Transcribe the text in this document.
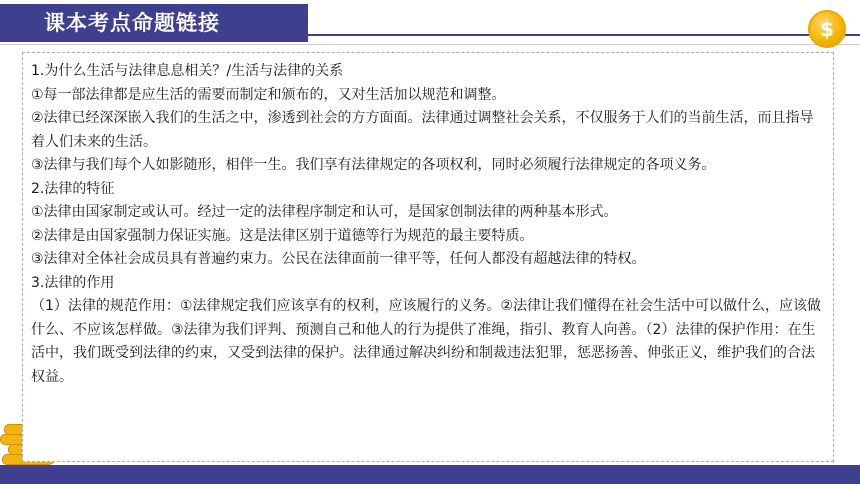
课本考点命题链接	$

1.为什么生活与法律息息相关？/生活与法律的关系

①每一部法律都是应生活的需要而制定和颁布的，又对生活加以规范和调整。

②法律已经深深嵌入我们的生活之中，渗透到社会的方方面面。法律通过调整社会关系，不仅服务于人们的当前生活，而且指导着人们未来的生活。

③法律与我们每个人如影随形，相伴一生。我们享有法律规定的各项权利，同时必须履行法律规定的各项义务。

2.法律的特征

①法律由国家制定或认可。经过一定的法律程序制定和认可，是国家创制法律的两种基本形式。

②法律是由国家强制力保证实施。这是法律区别于道德等行为规范的最主要特质。

③法律对全体社会成员具有普遍约束力。公民在法律面前一律平等，任何人都没有超越法律的特权。

3.法律的作用

（1）法律的规范作用：①法律规定我们应该享有的权利，应该履行的义务。②法律让我们懂得在社会生活中可以做什么，应该做什么、不应该怎样做。③法律为我们评判、预测自己和他人的行为提供了准绳，指引、教育人向善。（2）法律的保护作用：在生活中，我们既受到法律的约束，又受到法律的保护。法律通过解决纠纷和制裁违法犯罪，惩恶扬善、伸张正义，维护我们的合法权益。
